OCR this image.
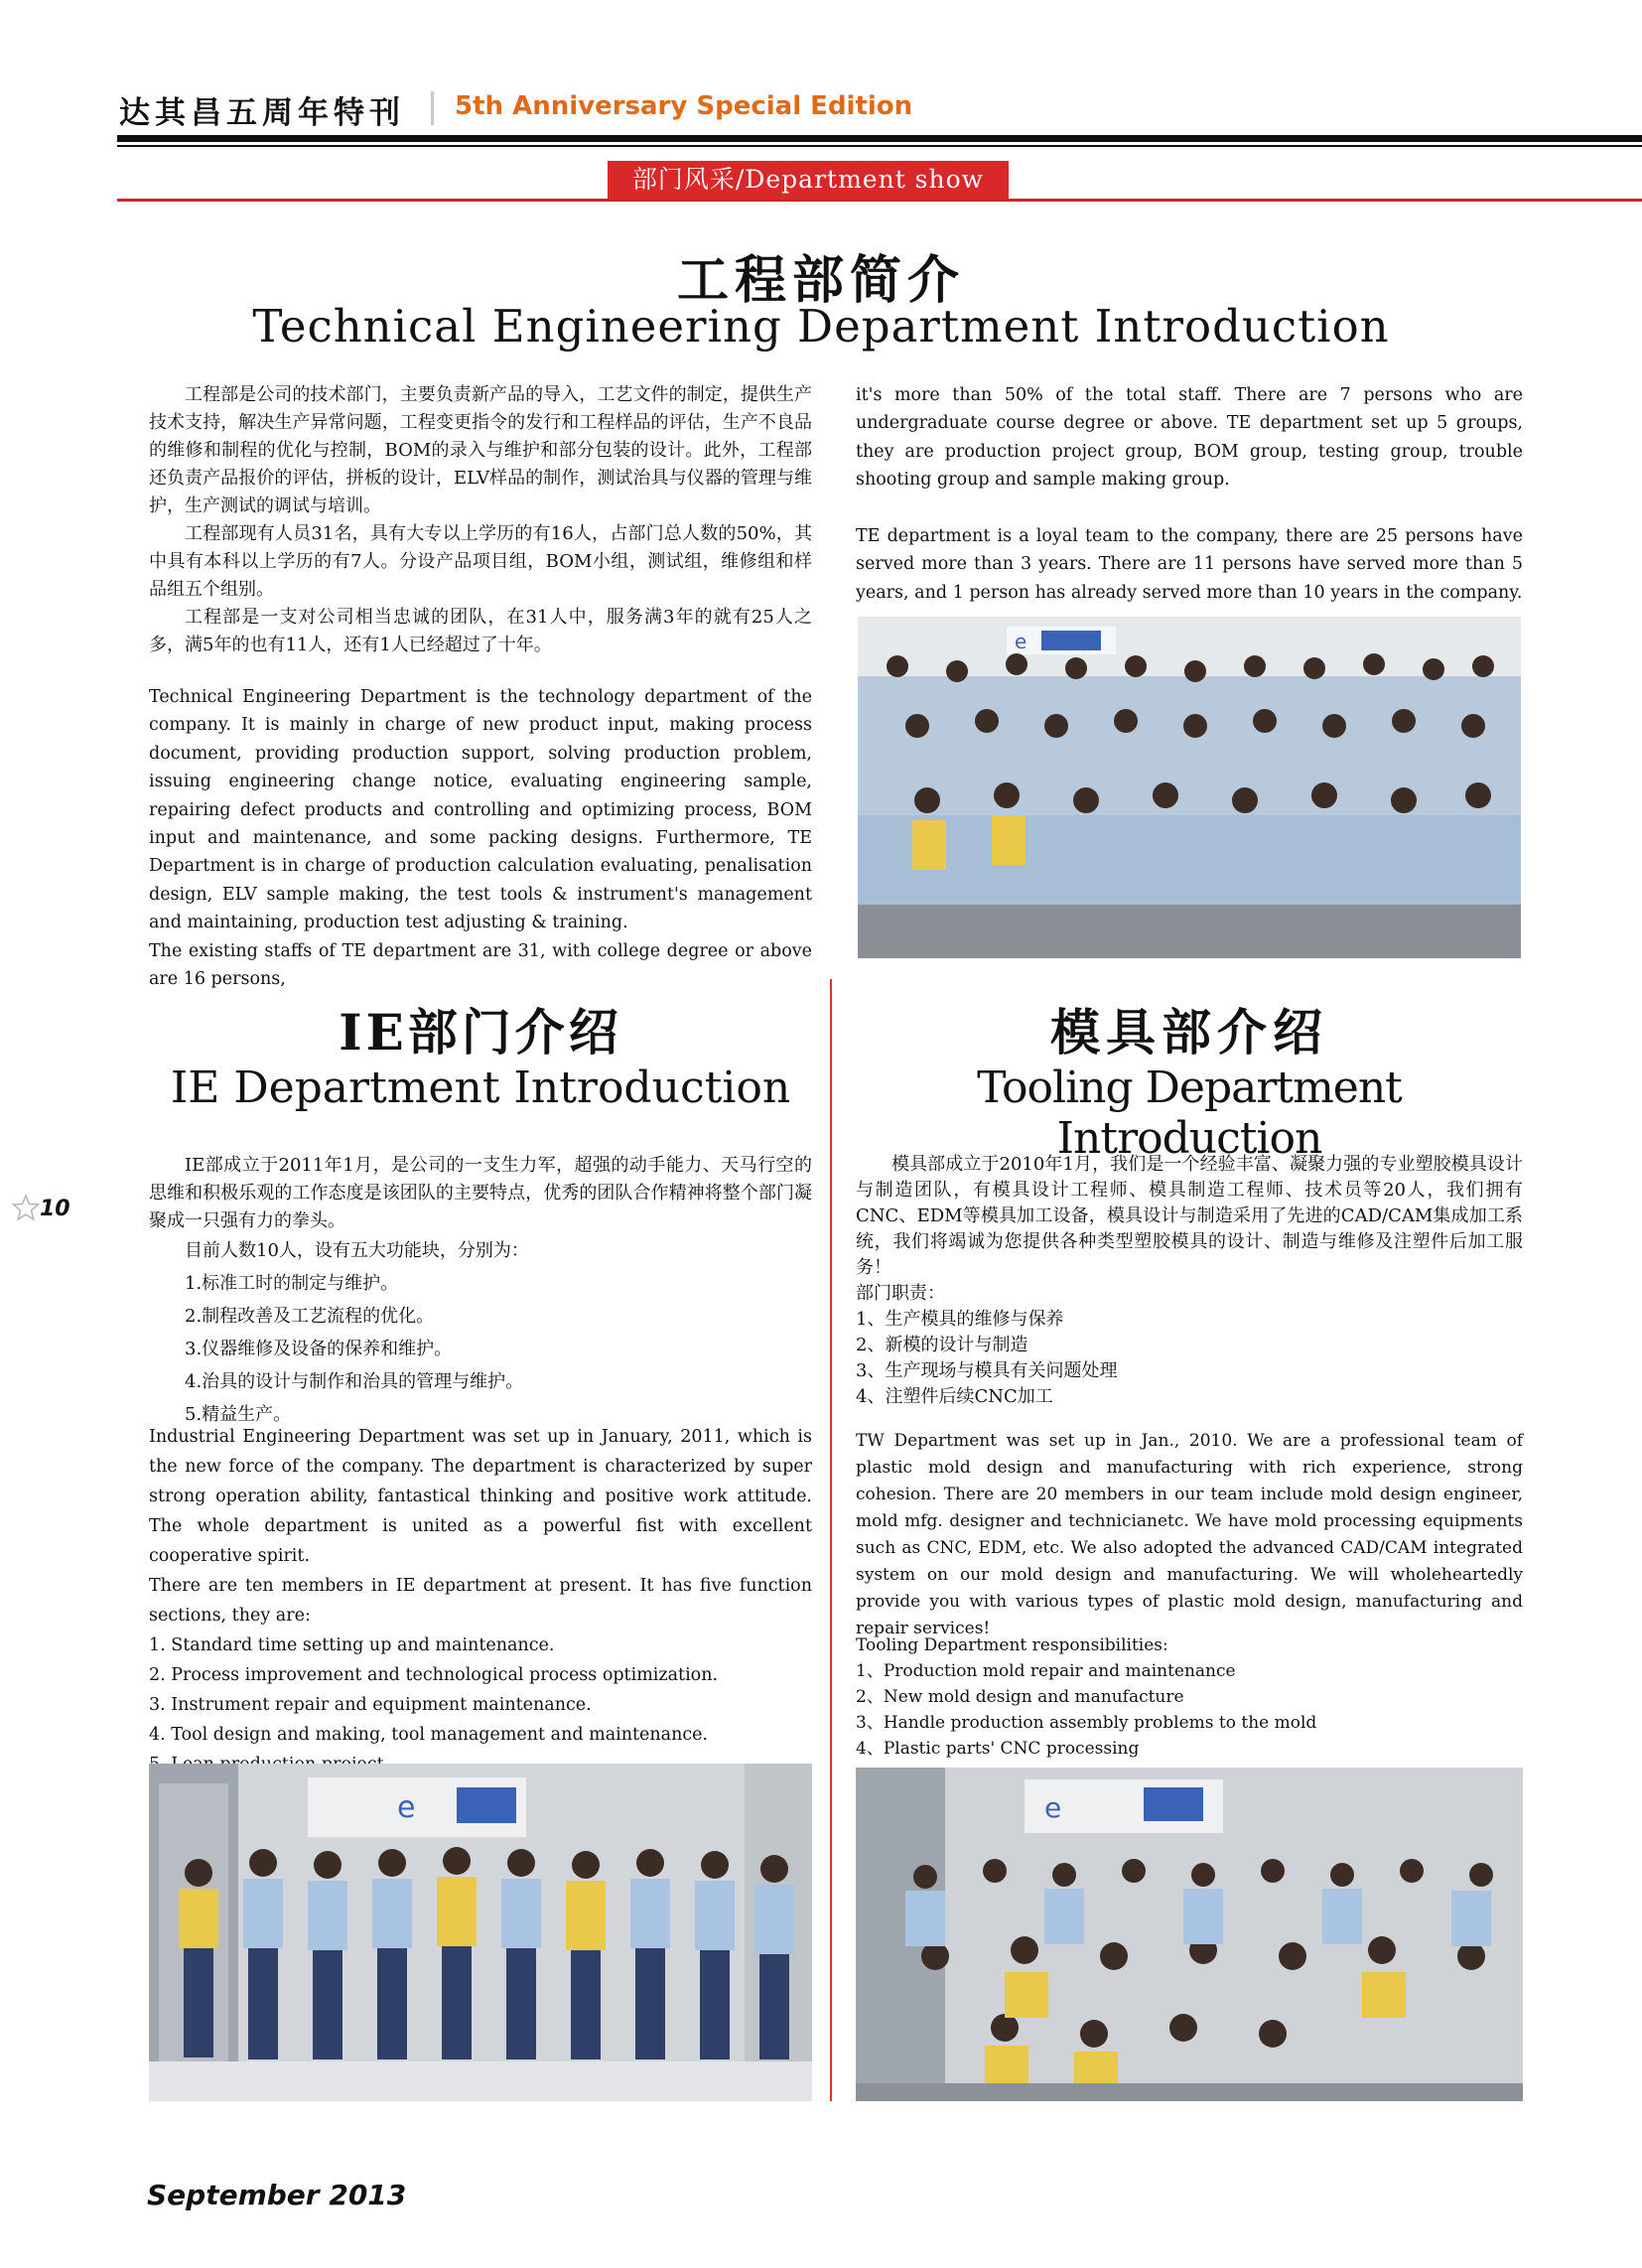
达其昌五周年特刊 5th Anniversary Special Edition
部门风采/Department show
工程部简介
Technical Engineering Department Introduction

工程部是公司的技术部门，主要负责新产品的导入，工艺文件的制定，提供生产技术支持，解决生产异常问题，工程变更指令的发行和工程样品的评估，生产不良品的维修和制程的优化与控制，BOM的录入与维护和部分包装的设计。此外，工程部还负责产品报价的评估，拼板的设计，ELV样品的制作，测试治具与仪器的管理与维护，生产测试的调试与培训。

工程部现有人员31名，具有大专以上学历的有16人，占部门总人数的50%，其中具有本科以上学历的有7人。分设产品项目组，BOM小组，测试组，维修组和样品组五个组别。

工程部是一支对公司相当忠诚的团队，在31人中，服务满3年的就有25人之多，满5年的也有11人，还有1人已经超过了十年。

Technical Engineering Department is the technology department of the company. It is mainly in charge of new product input, making process document, providing production support, solving production problem, issuing engineering change notice, evaluating engineering sample, repairing defect products and controlling and optimizing process, BOM input and maintenance, and some packing designs. Furthermore, TE Department is in charge of production calculation evaluating, penalisation design, ELV sample making, the test tools & instrument's management and maintaining, production test adjusting & training.
The existing staffs of TE department are 31, with college degree or above are 16 persons,
it's more than 50% of the total staff. There are 7 persons who are undergraduate course degree or above. TE department set up 5 groups, they are production project group, BOM group, testing group, trouble shooting group and sample making group.
TE department is a loyal team to the company, there are 25 persons have served more than 3 years. There are 11 persons have served more than 5 years, and 1 person has already served more than 10 years in the company.
e
IE部门介绍
IE Department Introduction

IE部成立于2011年1月，是公司的一支生力军，超强的动手能力、天马行空的思维和积极乐观的工作态度是该团队的主要特点，优秀的团队合作精神将整个部门凝聚成一只强有力的拳头。

目前人数10人，设有五大功能块，分别为：

1.标准工时的制定与维护。

2.制程改善及工艺流程的优化。

3.仪器维修及设备的保养和维护。

4.治具的设计与制作和治具的管理与维护。

5.精益生产。

Industrial Engineering Department was set up in January, 2011, which is the new force of the company. The department is characterized by super strong operation ability, fantastical thinking and positive work attitude. The whole department is united as a powerful fist with excellent cooperative spirit.

There are ten members in IE department at present. It has five function sections, they are:

1. Standard time setting up and maintenance.

2. Process improvement and technological process optimization.

3. Instrument repair and equipment maintenance.

4. Tool design and making, tool management and maintenance.

e
模具部介绍
Tooling Department Introduction

模具部成立于2010年1月，我们是一个经验丰富、凝聚力强的专业塑胶模具设计与制造团队，有模具设计工程师、模具制造工程师、技术员等20人，我们拥有CNC、EDM等模具加工设备，模具设计与制造采用了先进的CAD/CAM集成加工系统，我们将竭诚为您提供各种类型塑胶模具的设计、制造与维修及注塑件后加工服务！

部门职责：

1、生产模具的维修与保养

2、新模的设计与制造

3、生产现场与模具有关问题处理

4、注塑件后续CNC加工

TW Department was set up in Jan., 2010. We are a professional team of plastic mold design and manufacturing with rich experience, strong cohesion. There are 20 members in our team include mold design engineer, mold mfg. designer and technicianetc. We have mold processing equipments such as CNC, EDM, etc. We also adopted the advanced CAD/CAM integrated system on our mold design and manufacturing. We will wholeheartedly provide you with various types of plastic mold design, manufacturing and repair services!

Tooling Department responsibilities:

1、Production mold repair and maintenance

2、New mold design and manufacture

3、Handle production assembly problems to the mold

4、Plastic parts' CNC processing

e
10
September 2013
